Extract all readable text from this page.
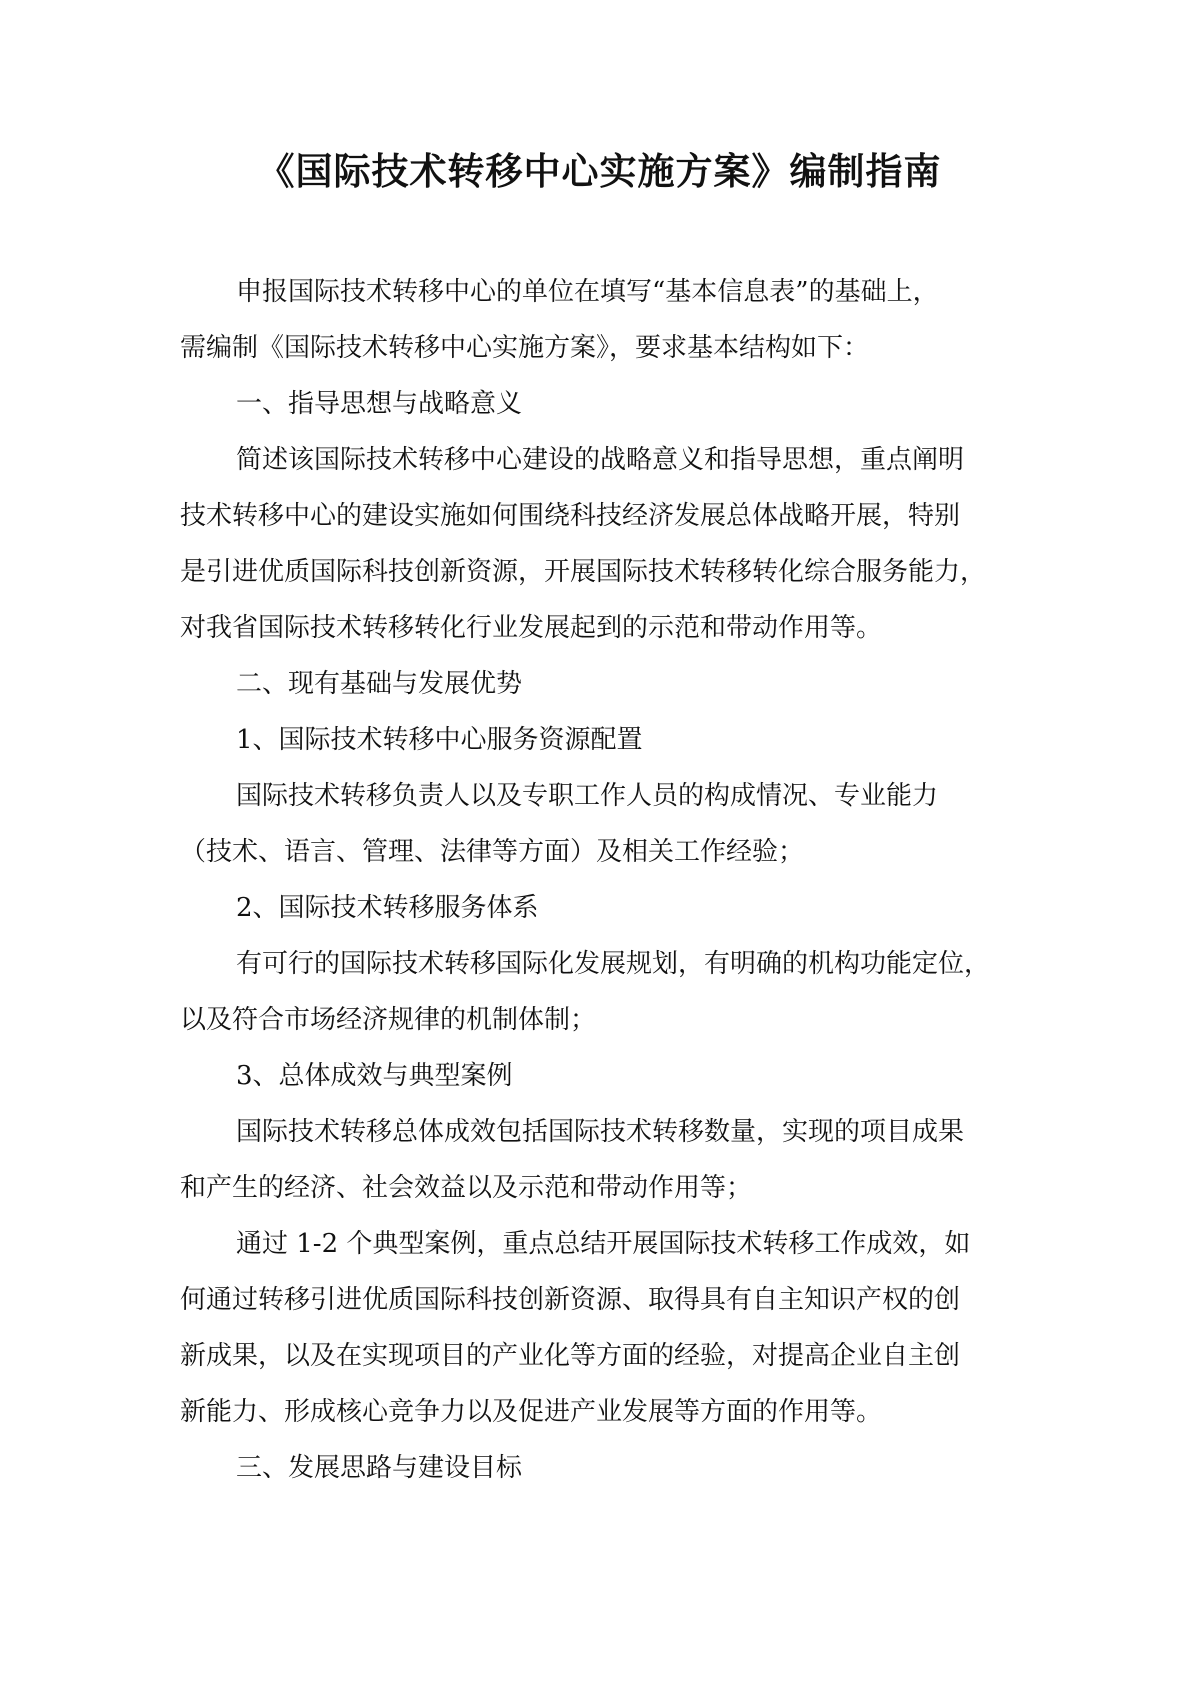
《国际技术转移中心实施方案》编制指南
申报国际技术转移中心的单位在填写“基本信息表”的基础上，
需编制《国际技术转移中心实施方案》，要求基本结构如下：
一、指导思想与战略意义
简述该国际技术转移中心建设的战略意义和指导思想，重点阐明
技术转移中心的建设实施如何围绕科技经济发展总体战略开展，特别
是引进优质国际科技创新资源，开展国际技术转移转化综合服务能力，
对我省国际技术转移转化行业发展起到的示范和带动作用等。
二、现有基础与发展优势
1、国际技术转移中心服务资源配置
国际技术转移负责人以及专职工作人员的构成情况、专业能力
（技术、语言、管理、法律等方面）及相关工作经验；
2、国际技术转移服务体系
有可行的国际技术转移国际化发展规划，有明确的机构功能定位，
以及符合市场经济规律的机制体制；
3、总体成效与典型案例
国际技术转移总体成效包括国际技术转移数量，实现的项目成果
和产生的经济、社会效益以及示范和带动作用等；
通过 1-2 个典型案例，重点总结开展国际技术转移工作成效，如
何通过转移引进优质国际科技创新资源、取得具有自主知识产权的创
新成果，以及在实现项目的产业化等方面的经验，对提高企业自主创
新能力、形成核心竞争力以及促进产业发展等方面的作用等。
三、发展思路与建设目标
